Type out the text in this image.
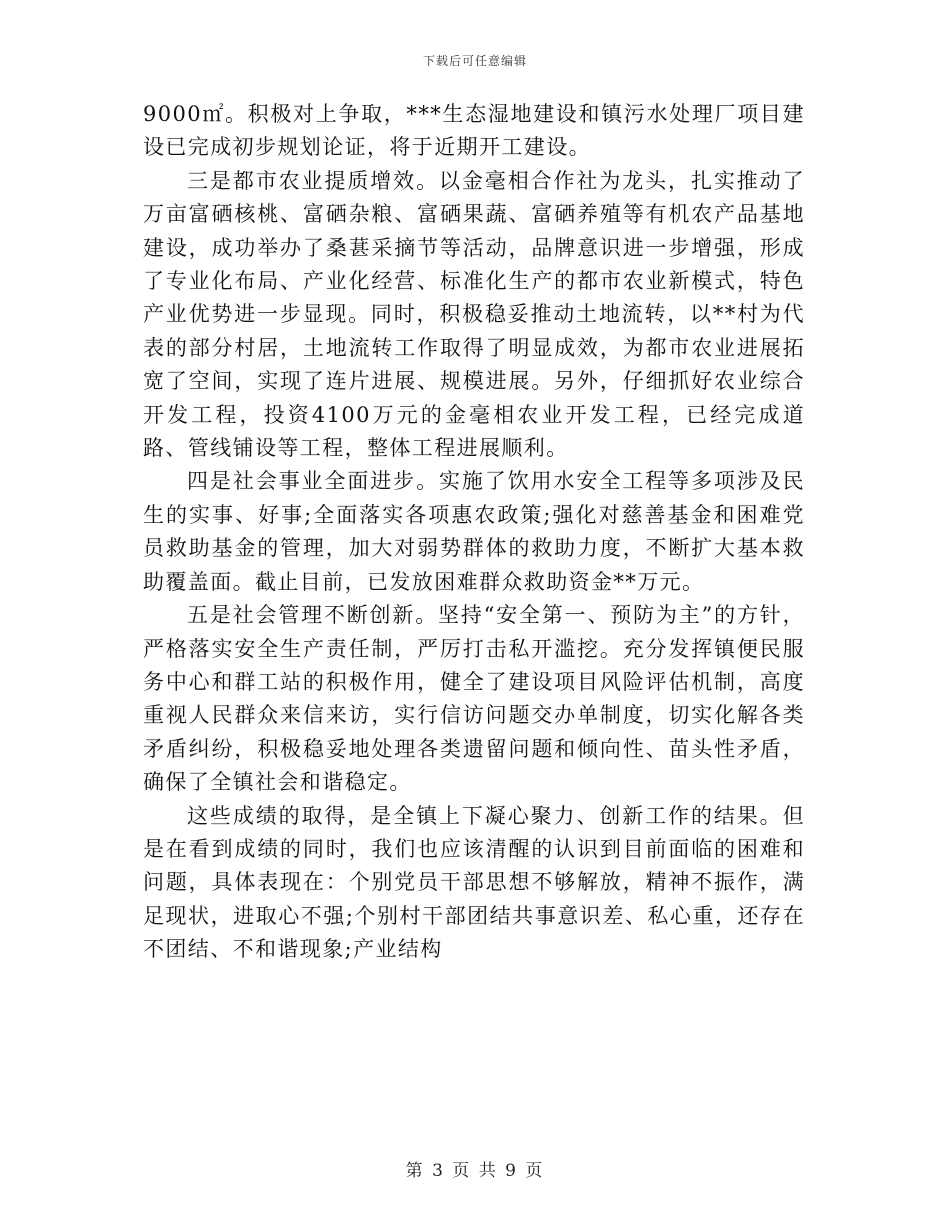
下载后可任意编辑

9000㎡。积极对上争取，***生态湿地建设和镇污水处理厂项目建设已完成初步规划论证，将于近期开工建设。

三是都市农业提质增效。以金毫相合作社为龙头，扎实推动了万亩富硒核桃、富硒杂粮、富硒果蔬、富硒养殖等有机农产品基地建设，成功举办了桑葚采摘节等活动，品牌意识进一步增强，形成了专业化布局、产业化经营、标准化生产的都市农业新模式，特色产业优势进一步显现。同时，积极稳妥推动土地流转，以**村为代表的部分村居，土地流转工作取得了明显成效，为都市农业进展拓宽了空间，实现了连片进展、规模进展。另外，仔细抓好农业综合开发工程，投资4100万元的金毫相农业开发工程，已经完成道路、管线铺设等工程，整体工程进展顺利。

四是社会事业全面进步。实施了饮用水安全工程等多项涉及民生的实事、好事;全面落实各项惠农政策;强化对慈善基金和困难党员救助基金的管理，加大对弱势群体的救助力度，不断扩大基本救助覆盖面。截止目前，已发放困难群众救助资金**万元。

五是社会管理不断创新。坚持“安全第一、预防为主”的方针，严格落实安全生产责任制，严厉打击私开滥挖。充分发挥镇便民服务中心和群工站的积极作用，健全了建设项目风险评估机制，高度重视人民群众来信来访，实行信访问题交办单制度，切实化解各类矛盾纠纷，积极稳妥地处理各类遗留问题和倾向性、苗头性矛盾，确保了全镇社会和谐稳定。

这些成绩的取得，是全镇上下凝心聚力、创新工作的结果。但是在看到成绩的同时，我们也应该清醒的认识到目前面临的困难和问题，具体表现在：个别党员干部思想不够解放，精神不振作，满足现状，进取心不强;个别村干部团结共事意识差、私心重，还存在不团结、不和谐现象;产业结构

第 3 页 共 9 页
